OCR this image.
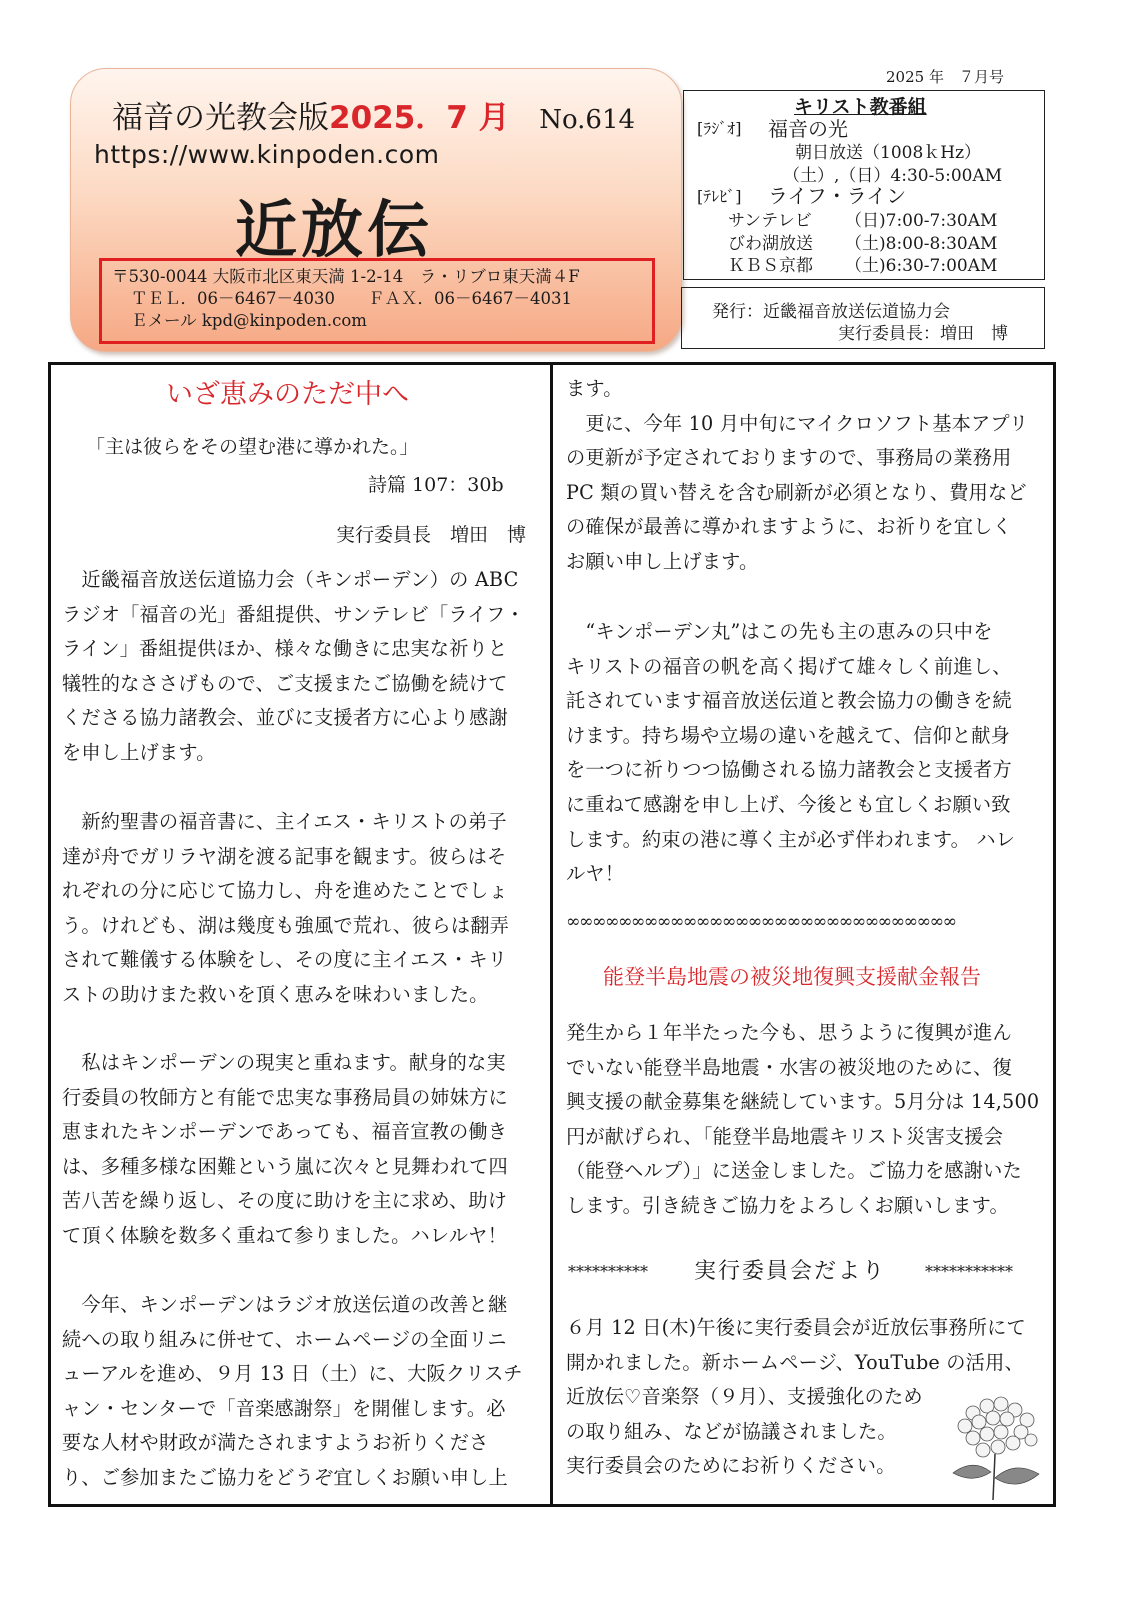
福音の光教会版2025．7 月 No.614
https://www.kinpoden.com
近放伝
〒530-0044 大阪市北区東天満 1-2-14　ラ・リブロ東天満４F
ＴＥＬ．06－6467－4030　　ＦＡＸ．06－6467－4031
Ｅメール kpd@kinpoden.com
2025 年　７月号
キリスト教番組
[ﾗｼﾞｵ] 福音の光
朝日放送（1008ｋHz）
（土）,（日）4:30-5:00AM
[ﾃﾚﾋﾞ] ライフ・ライン
サンテレビ （日)7:00-7:30AM
びわ湖放送 （土)8:00-8:30AM
ＫＢＳ京都 （土)6:30-7:00AM
発行：近畿福音放送伝道協力会
実行委員長：増田　博
いざ恵みのただ中へ
「主は彼らをその望む港に導かれた。」
詩篇 107：30b
実行委員長　増田　博
　近畿福音放送伝道協力会（キンポーデン）の ABC
ラジオ「福音の光」番組提供、サンテレビ「ライフ・
ライン」番組提供ほか、様々な働きに忠実な祈りと
犠牲的なささげもので、ご支援またご協働を続けて
くださる協力諸教会、並びに支援者方に心より感謝
を申し上げます。
　新約聖書の福音書に、主イエス・キリストの弟子
達が舟でガリラヤ湖を渡る記事を観ます。彼らはそ
れぞれの分に応じて協力し、舟を進めたことでしょ
う。けれども、湖は幾度も強風で荒れ、彼らは翻弄
されて難儀する体験をし、その度に主イエス・キリ
ストの助けまた救いを頂く恵みを味わいました。
　私はキンポーデンの現実と重ねます。献身的な実
行委員の牧師方と有能で忠実な事務局員の姉妹方に
恵まれたキンポーデンであっても、福音宣教の働き
は、多種多様な困難という嵐に次々と見舞われて四
苦八苦を繰り返し、その度に助けを主に求め、助け
て頂く体験を数多く重ねて参りました。ハレルヤ！
　今年、キンポーデンはラジオ放送伝道の改善と継
続への取り組みに併せて、ホームページの全面リニ
ューアルを進め、９月 13 日（土）に、大阪クリスチ
ャン・センターで「音楽感謝祭」を開催します。必
要な人材や財政が満たされますようお祈りくださ
り、ご参加またご協力をどうぞ宜しくお願い申し上
ます。
　更に、今年 10 月中旬にマイクロソフト基本アプリ
の更新が予定されておりますので、事務局の業務用
PC 類の買い替えを含む刷新が必須となり、費用など
の確保が最善に導かれますように、お祈りを宜しく
お願い申し上げます。
　“キンポーデン丸”はこの先も主の恵みの只中を
キリストの福音の帆を高く掲げて雄々しく前進し、
託されています福音放送伝道と教会協力の働きを続
けます。持ち場や立場の違いを越えて、信仰と献身
を一つに祈りつつ協働される協力諸教会と支援者方
に重ねて感謝を申し上げ、今後とも宜しくお願い致
します。約束の港に導く主が必ず伴われます。 ハレ
ルヤ！
∞∞∞∞∞∞∞∞∞∞∞∞∞∞∞∞∞∞∞∞∞∞∞∞∞∞∞∞∞∞
能登半島地震の被災地復興支援献金報告
発生から１年半たった今も、思うように復興が進ん
でいない能登半島地震・水害の被災地のために、復
興支援の献金募集を継続しています。5月分は 14,500
円が献げられ、「能登半島地震キリスト災害支援会
（能登ヘルプ）」に送金しました。ご協力を感謝いた
します。引き続きご協力をよろしくお願いします。
********** 実行委員会だより ***********
６月 12 日(木)午後に実行委員会が近放伝事務所にて
開かれました。新ホームページ、YouTube の活用、
近放伝♡音楽祭（９月）、支援強化のため
の取り組み、などが協議されました。
実行委員会のためにお祈りください。
